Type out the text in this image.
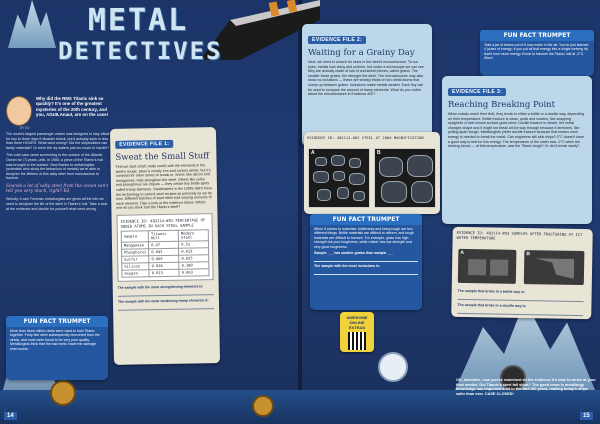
METAL
DETECTIVES
Why did the RMS Titanic sink so quickly? It's one of the greatest mysteries of the 20th century, and you, AGUILAnaut, are on the case!
BY ED

The world's largest passenger vessel was designed to stay afloat for two to three days if disaster struck, but it actually sank in less than three HOURS. What went wrong? Did the shipbuilders use faulty materials? Or were the icy waters just too much to handle?

This cold case came screeching to the surface of the Atlantic Ocean for 73 years, until, in 1985, a piece of the Titanic's hull was brought to the surface. Now thanks to metallurgists (scientists who study the behaviour of metals) we're able to decipher the lifetime of this salty steel from manufacture to fracture.

Sounds a lot of salty steel from the ocean can't tell you very much, right? Ed

Weirdly, it can! Forensic metallurgists are given all the info we need to decipher the life of the steel in Titanic's hull. Take a look at the evidence and decide for yourself what went wrong.

FUN FACT TRUMPET
More than three million rivets were used to hold Titanic together. Forty-five were subsequently recovered from the wreck, and most were found to be very poor quality. Metallurgists think that the bad rivets made the damage even worse.
EVIDENCE FILE 1:
Sweat the Small Stuff

First we start small, really small, with the elements in the steel's recipe. Steel is mostly iron and carbon atoms, but it's common for other atoms to sneak in. Some, like silicon and manganese, help strengthen the steel. Others like sulfur and phosphorus are impure — they create tiny brittle spots called tramp elements. Steelmakers in the 1900s didn't have the technology to control steel recipes as precisely as we do now. Different batches of steel often had varying amounts of each element. Take a look at the evidence below. Which one do you think had the Titanic's steel?

EVIDENCE ID: 4Q2114-#01 PERCENTAGE OF ADDED ATOMS IN EACH STEEL SAMPLE
Sample	Titanic Hull	Modern Steel
Manganese	0.47	0.51
Phosphorus	0.045	0.013
Sulfur	0.069	0.025
Silicon	0.026	0.180
Oxygen	0.013	0.003
The sample with the most strengthening elements is:
The sample with the most weakening tramp elements is:
EVIDENCE FILE 2:
Waiting for a Grainy Day

Next, we need to search for clues in the steel's microstructure. To our eyes, metals look shiny and uniform, but under a microscope we can see they are actually made of lots of connected pieces, called grains. The smaller these grains, the stronger the steel. The microstructure may also show us inclusions — these are sneaky blobs of non-metal atoms that clump up between grains. Inclusions make metals weaker. Each tiny can be used to compare the amount of tramp elements. What do you notice about the microstructure in Evidence #02?

EVIDENCE ID: 4Q2114-#02 STEEL AT 200X MAGNIFICATION
A	B
FUN FACT TRUMPET
When it comes to materials, brittleness and being tough are two different things. Brittle materials are difficult to deform, and tough materials are difficult to fracture. For example, glass has high strength but poor toughness, while rubber has low strength and very good toughness.
Sample ___ has smaller grains than sample ___
The sample with the most inclusions is:
AWESOME
ONLINE
EXTRAS
FUN FACT TRUMPET
Take a jar of beans out of it now make in the air. You've just learned 4 joules of energy: if you put all that energy into a single iceberg hit, that's how much energy it took to fracture the Titanic hull at -2°C. Wow!
EVIDENCE FILE 3:
Reaching Breaking Point

When metals reach their limit, they break in either a brittle or a ductile way, depending on their temperature. Brittle fracture is clean, quick and sudden, like snapping spaghetti. A rivet whose surface goes bend. Ductile fracture is slower, the metal changes shape and it might not break all the way through because it stretches, like pulling apart dough. Metallurgists prefer ductile fracture because that means more energy is needed to break the metal. Can engineers still sink ships? 0°C doesn't have a good way to test for this energy. The temperature of the water was -2°C when the iceberg struck — at this temperature, was the Titanic tough? Or did it break easily?

EVIDENCE ID: 4Q2114-#03 SAMPLES AFTER FRACTURING AT ICY WATER TEMPERATURE
A	B
The sample that broke in a brittle way is:
The sample that broke in a ductile way is:
OK, detective, now you've examined all the evidence it's time to arrive at your final verdict. Did Titanic's steel fall short? The good news is metallurgy knowledge has improved a lot in the last 100 years, making today's ships safer than ever. CASE CLOSED!
14	15
